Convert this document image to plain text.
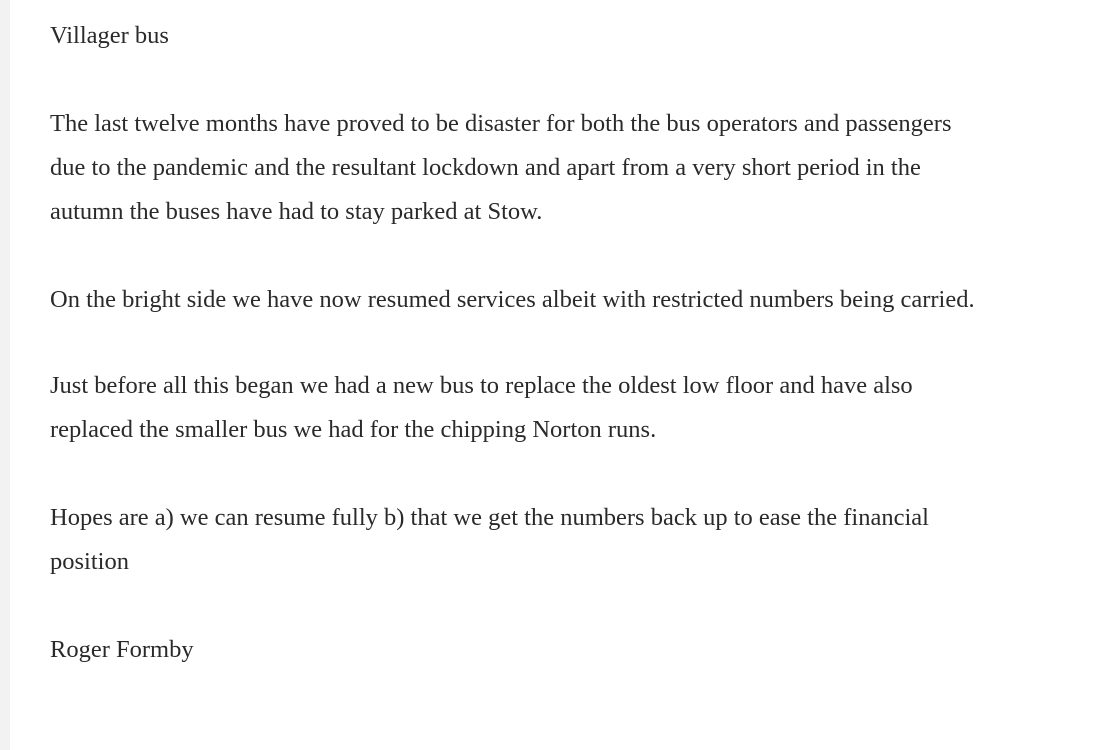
Villager bus
The last twelve months have proved to be disaster for both the bus operators and passengers
due to the pandemic and the resultant lockdown and apart from a very short period in the
autumn the buses have had to stay parked at Stow.
On the bright side we have now resumed services albeit with restricted numbers being carried.
Just before all this began we had a new bus to replace the oldest low floor and have also
replaced the smaller bus we had for the chipping Norton runs.
Hopes are a) we can resume fully b) that we get the numbers back up to ease the financial
position
Roger Formby
